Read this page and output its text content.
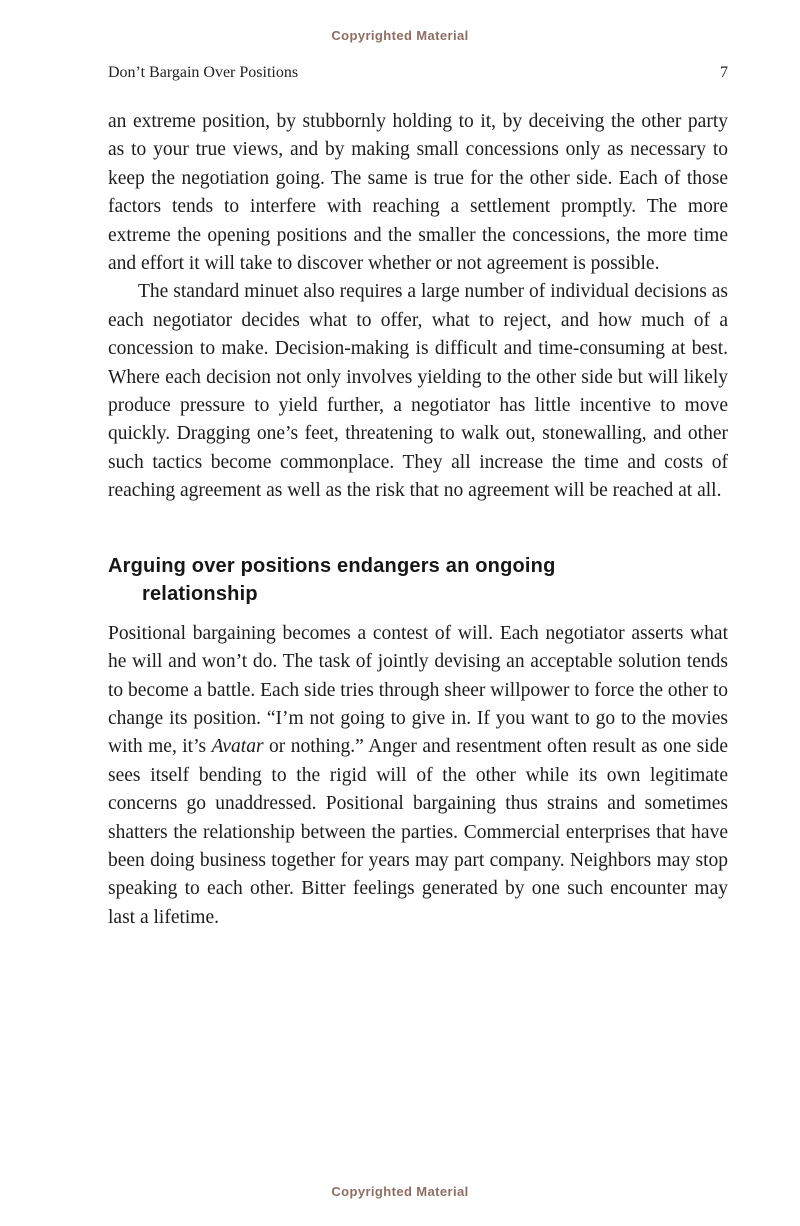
Copyrighted Material
Don’t Bargain Over Positions	7

an extreme position, by stubbornly holding to it, by deceiving the other party as to your true views, and by making small concessions only as necessary to keep the negotiation going. The same is true for the other side. Each of those factors tends to interfere with reaching a settlement promptly. The more extreme the opening positions and the smaller the concessions, the more time and effort it will take to discover whether or not agreement is possible.

The standard minuet also requires a large number of individual decisions as each negotiator decides what to offer, what to reject, and how much of a concession to make. Decision-making is difficult and time-consuming at best. Where each decision not only involves yielding to the other side but will likely produce pressure to yield further, a negotiator has little incentive to move quickly. Dragging one’s feet, threatening to walk out, stonewalling, and other such tactics become commonplace. They all increase the time and costs of reaching agreement as well as the risk that no agreement will be reached at all.

Arguing over positions endangers an ongoing
relationship

Positional bargaining becomes a contest of will. Each negotiator asserts what he will and won’t do. The task of jointly devising an acceptable solution tends to become a battle. Each side tries through sheer willpower to force the other to change its position. “I’m not going to give in. If you want to go to the movies with me, it’s Avatar or nothing.” Anger and resentment often result as one side sees itself bending to the rigid will of the other while its own legitimate concerns go unaddressed. Positional bargaining thus strains and sometimes shatters the relationship between the parties. Commercial enterprises that have been doing business together for years may part company. Neighbors may stop speaking to each other. Bitter feelings generated by one such encounter may last a lifetime.

Copyrighted Material
